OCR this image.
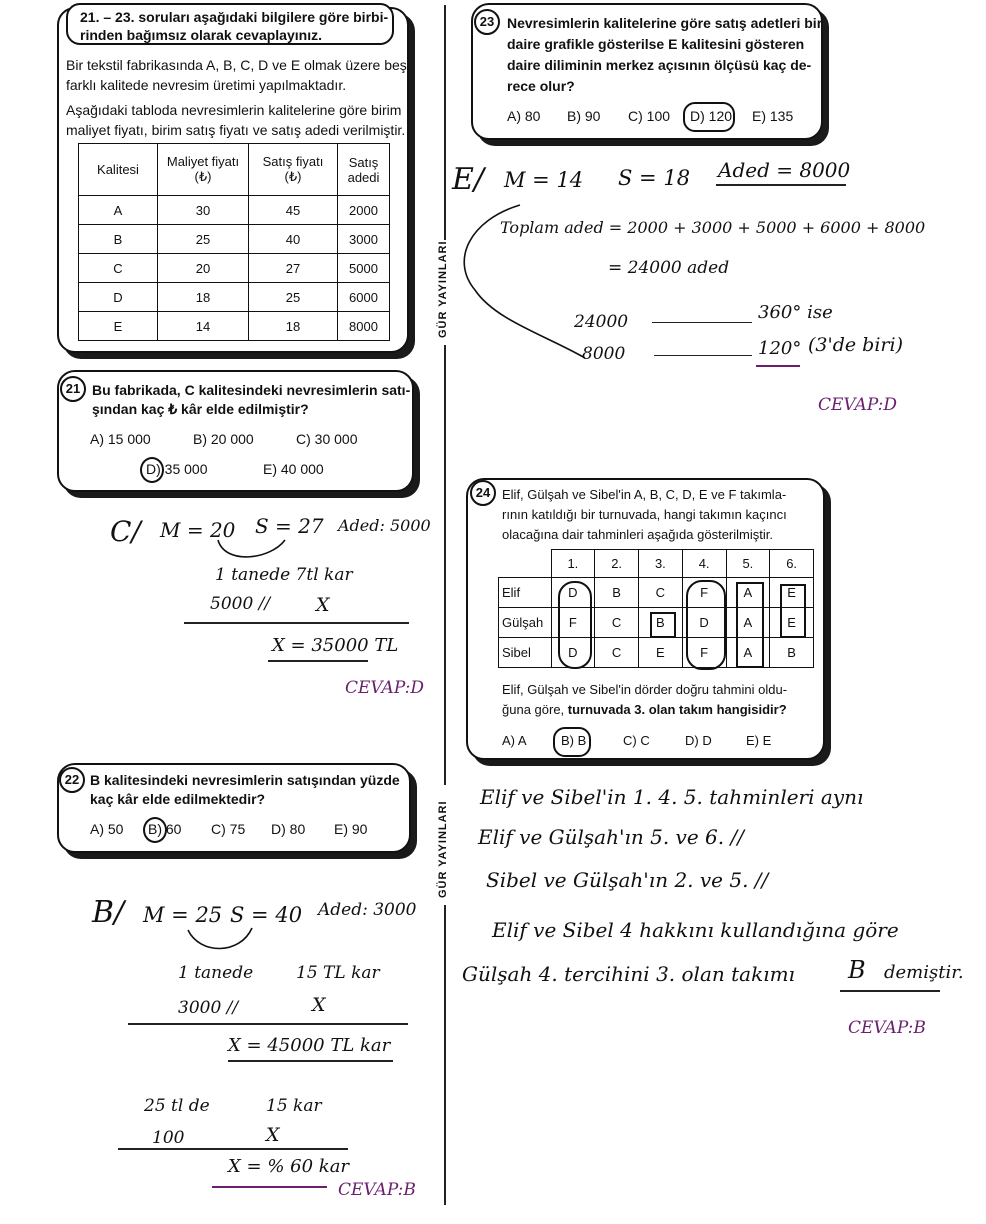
GÜR YAYINLARI
GÜR YAYINLARI
21. – 23. soruları aşağıdaki bilgilere göre birbi-
rinden bağımsız olarak cevaplayınız.
Bir tekstil fabrikasında A, B, C, D ve E olmak üzere beş
farklı kalitede nevresim üretimi yapılmaktadır.
Aşağıdaki tabloda nevresimlerin kalitelerine göre birim
maliyet fiyatı, birim satış fiyatı ve satış adedi verilmiştir.
Kalitesi	Maliyet fiyatı (₺)	Satış fiyatı (₺)	Satış adedi
A	30	45	2000
B	25	40	3000
C	20	27	5000
D	18	25	6000
E	14	18	8000
21 Bu fabrikada, C kalitesindeki nevresimlerin satı-
şından kaç ₺ kâr elde edilmiştir?
A) 15 000	B) 20 000	C) 30 000
D) 35 000	E) 40 000
C/ M = 20 S = 27 Aded: 5000
1 tanede 7tl kar
5000 // X
X = 35000 TL
CEVAP:D
22 B kalitesindeki nevresimlerin satışından yüzde
kaç kâr elde edilmektedir?
A) 50 B) 60 C) 75 D) 80 E) 90
B/ M = 25 S = 40 Aded: 3000
1 tanede	15 TL kar
3000 //	X
X = 45000 TL kar
25 tl de	15 kar
100	X
X = % 60 kar
CEVAP:B
23 Nevresimlerin kalitelerine göre satış adetleri bir
daire grafikle gösterilse E kalitesini gösteren
daire diliminin merkez açısının ölçüsü kaç de-
rece olur?
A) 80 B) 90 C) 100 D) 120 E) 135
E/ M = 14 S = 18 Aded = 8000
Toplam aded = 2000 + 3000 + 5000 + 6000 + 8000
= 24000 aded
24000	360° ise
8000	120° (3'de biri)
CEVAP:D
24 Elif, Gülşah ve Sibel'in A, B, C, D, E ve F takımla-
rının katıldığı bir turnuvada, hangi takımın kaçıncı
olacağına dair tahminleri aşağıda gösterilmiştir.
	1.	2.	3.	4.	5.	6.
Elif	D	B	C	F	A	E
Gülşah	F	C	B	D	A	E
Sibel	D	C	E	F	A	B
Elif, Gülşah ve Sibel'in dörder doğru tahmini oldu-
ğuna göre, turnuvada 3. olan takım hangisidir?
A) A	B) B	C) C	D) D	E) E
Elif ve Sibel'in 1. 4. 5. tahminleri aynı
Elif ve Gülşah'ın 5. ve 6. //
Sibel ve Gülşah'ın 2. ve 5. //
Elif ve Sibel 4 hakkını kullandığına göre
Gülşah 4. tercihini 3. olan takımı B demiştir.
CEVAP:B
